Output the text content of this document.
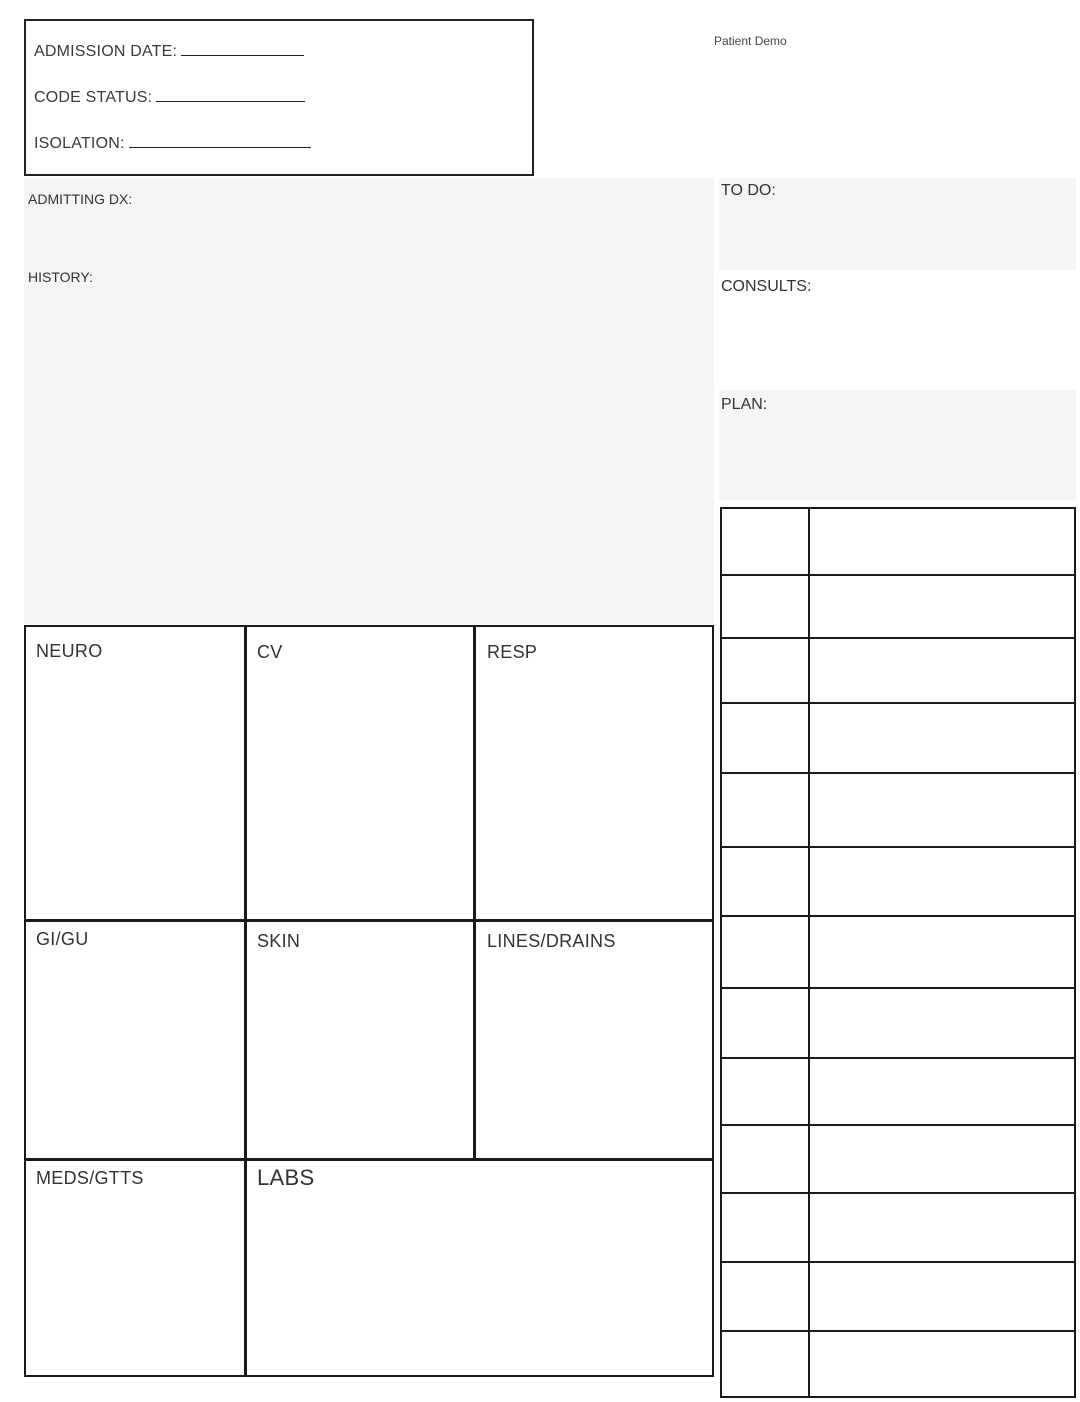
ADMISSION DATE:
CODE STATUS:
ISOLATION:
Patient Demo
ADMITTING DX:
HISTORY:
TO DO:
CONSULTS:
PLAN:
NEURO	CV	RESP
GI/GU	SKIN	LINES/DRAINS
MEDS/GTTS	LABS
